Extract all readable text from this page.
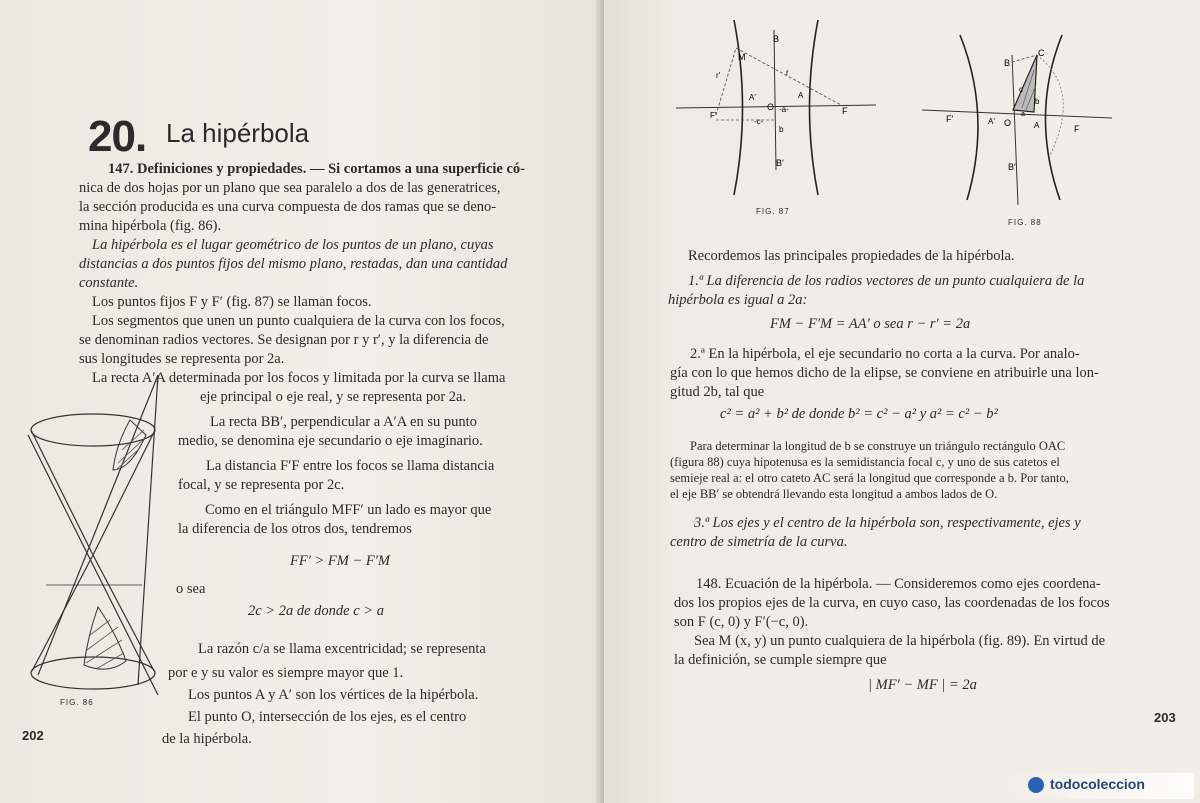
20. La hipérbola
147. Definiciones y propiedades. — Si cortamos a una superficie có-
nica de dos hojas por un plano que sea paralelo a dos de las generatrices,
la sección producida es una curva compuesta de dos ramas que se deno-
mina hipérbola (fig. 86).
La hipérbola es el lugar geométrico de los puntos de un plano, cuyas
distancias a dos puntos fijos del mismo plano, restadas, dan una cantidad
constante.
Los puntos fijos F y F′ (fig. 87) se llaman focos.
Los segmentos que unen un punto cualquiera de la curva con los focos,
se denominan radios vectores. Se designan por r y r′, y la diferencia de
sus longitudes se representa por 2a.
La recta A′A determinada por los focos y limitada por la curva se llama
eje principal o eje real, y se representa por 2a.
La recta BB′, perpendicular a A′A en su punto
medio, se denomina eje secundario o eje imaginario.
La distancia F′F entre los focos se llama distancia
focal, y se representa por 2c.
Como en el triángulo MFF′ un lado es mayor que
la diferencia de los otros dos, tendremos
FF′ > FM − F′M
o sea
2c > 2a de donde c > a
La razón c/a se llama excentricidad; se representa
por e y su valor es siempre mayor que 1.
Los puntos A y A′ son los vértices de la hipérbola.
El punto O, intersección de los ejes, es el centro
de la hipérbola.
FIG. 86
202
M
B
r′	r
A′	A
O -a-
F′	F
-c-
b
B′
FIG. 87
B
C
c
b
F′	A′ O	A	F
a
B′
FIG. 88
Recordemos las principales propiedades de la hipérbola.
1.ª La diferencia de los radios vectores de un punto cualquiera de la
hipérbola es igual a 2a:
FM − F′M = AA′ o sea r − r′ = 2a
2.ª En la hipérbola, el eje secundario no corta a la curva. Por analo-
gía con lo que hemos dicho de la elipse, se conviene en atribuirle una lon-
gitud 2b, tal que
c² = a² + b² de donde b² = c² − a² y a² = c² − b²
Para determinar la longitud de b se construye un triángulo rectángulo OAC
(figura 88) cuya hipotenusa es la semidistancia focal c, y uno de sus catetos el
semieje real a: el otro cateto AC será la longitud que corresponde a b. Por tanto,
el eje BB′ se obtendrá llevando esta longitud a ambos lados de O.
3.ª Los ejes y el centro de la hipérbola son, respectivamente, ejes y
centro de simetría de la curva.
148. Ecuación de la hipérbola. — Consideremos como ejes coordena-
dos los propios ejes de la curva, en cuyo caso, las coordenadas de los focos
son F (c, 0) y F′(−c, 0).
Sea M (x, y) un punto cualquiera de la hipérbola (fig. 89). En virtud de
la definición, se cumple siempre que
| MF′ − MF | = 2a
203
todocoleccion
